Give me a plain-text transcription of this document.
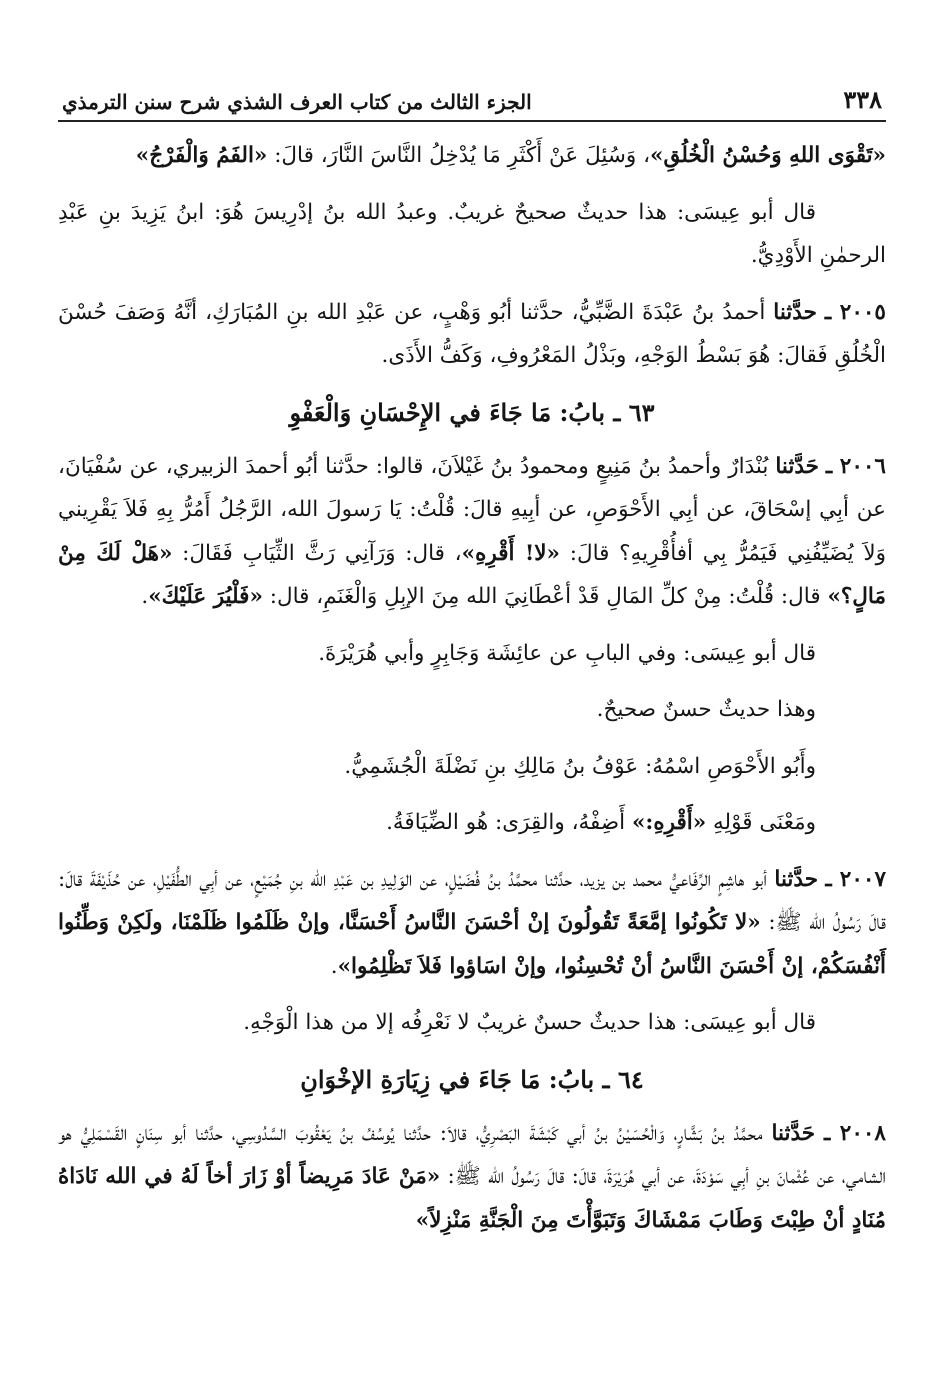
٣٣٨
الجزء الثالث من كتاب العرف الشذي شرح سنن الترمذي

«تَقْوَى اللهِ وَحُسْنُ الْخُلُقِ»، وَسُئِلَ عَنْ أَكْثَرِ مَا يُدْخِلُ النَّاسَ النَّارَ، قالَ: «الفَمُ وَالْفَرْجُ»

قال أبو عِيسَى: هذا حديثٌ صحيحٌ غريبٌ. وعبدُ الله بنُ إدْرِيسَ هُوَ: ابنُ يَزِيدَ بنِ عَبْدِ الرحمٰنِ الأَوْدِيُّ.

٢٠٠٥ ـ حدَّثنا أحمدُ بنُ عَبْدَةَ الضَّبِّيُّ، حدَّثنا أبُو وَهْبٍ، عن عَبْدِ الله بنِ المُبَارَكِ، أنَّهُ وَصَفَ حُسْنَ الْخُلُقِ فَقالَ: هُوَ بَسْطُ الوَجْهِ، وبَذْلُ المَعْرُوفِ، وَكَفُّ الأَذَى.

٦٣ ـ بابُ: مَا جَاءَ في الإِحْسَانِ وَالْعَفْوِ

٢٠٠٦ ـ حَدَّثنا بُنْدَارٌ وأحمدُ بنُ مَنِيعٍ ومحمودُ بنُ غَيْلاَنَ، قالوا: حدَّثنا أبُو أحمدَ الزبيري، عن سُفْيَانَ، عن أبِي إسْحَاقَ، عن أبِي الأَحْوَصِ، عن أبِيهِ قالَ: قُلْتُ: يَا رَسولَ الله، الرَّجُلُ أَمُرُّ بِهِ فَلاَ يَقْرِيني وَلاَ يُضَيِّفُنِي فَيَمُرُّ بِي أفأُقْرِيهِ؟ قالَ: «لا! أَقْرِهِ»، قال: وَرَآنِي رَثَّ الثِّيَابِ فَقَالَ: «هَلْ لَكَ مِنْ مَالٍ؟» قال: قُلْتُ: مِنْ كلِّ المَالِ قَدْ أعْطَانِيَ الله مِنَ الإبِلِ وَالْغَنَمِ، قال: «فَلْيُرَ عَلَيْكَ».

قال أبو عِيسَى: وفي البابِ عن عائِشَة وَجَابِرٍ وأبي هُرَيْرَةَ.

وهذا حديثٌ حسنٌ صحيحٌ.

وأَبُو الأَحْوَصِ اسْمُهُ: عَوْفُ بنُ مَالِكِ بنِ نَضْلَةَ الْجُشَمِيُّ.

ومَعْنَى قَوْلِهِ «أَقْرِهِ:» أَضِفْهُ، والقِرَى: هُو الضِّيَافَةُ.

٢٠٠٧ ـ حدَّثنا أبو هاشِمٍ الرِّفَاعيُّ محمد بن يزيد، حدَّثنا محمَّدُ بنُ فُضَيْلٍ، عن الوَلِيدِ بن عَبْدِ الله بنِ جُمَيْعٍ، عن أبِي الطُّفَيْلِ، عن حُذَيْفَةَ قالَ: قالَ رَسُولُ الله ﷺ: «لا تَكُونُوا إمَّعَةً تَقُولُونَ إنْ أحْسَنَ النَّاسُ أَحْسَنَّا، وإنْ ظَلَمُوا ظَلَمْنَا، ولَكِنْ وَطِّنُوا أَنْفُسَكُمْ، إنْ أَحْسَنَ النَّاسُ أنْ تُحْسِنُوا، وإنْ اسَاؤوا فَلاَ تَظْلِمُوا».

قال أبو عِيسَى: هذا حديثٌ حسنٌ غريبٌ لا نَعْرِفُه إلا من هذا الْوَجْهِ.

٦٤ ـ بابُ: مَا جَاءَ في زِيَارَةِ الإخْوَانِ

٢٠٠٨ ـ حَدَّثنا محمَّدُ بنُ بَشَّارٍ، وَالْحُسَيْنُ بنُ أبي كَبْشَةَ البَصْرِيُّ، قالاَ: حدَّثنا يُوسُفُ بنُ يَعْقُوبَ السَّدُوسِي، حدَّثنا أبو سِنَانٍ القَسْمَلِيُّ هو الشامي، عن عُثْمانَ بنِ أبِي سَوْدَةَ، عن أبي هُرَيْرَةَ، قالَ: قالَ رَسُولُ الله ﷺ: «مَنْ عَادَ مَرِيضاً أوْ زَارَ أخاً لَهُ في الله نَادَاهُ مُنَادٍ أنْ طِبْتَ وَطَابَ مَمْشَاكَ وَتَبَوَّأْتَ مِنَ الْجَنَّةِ مَنْزِلاً»
